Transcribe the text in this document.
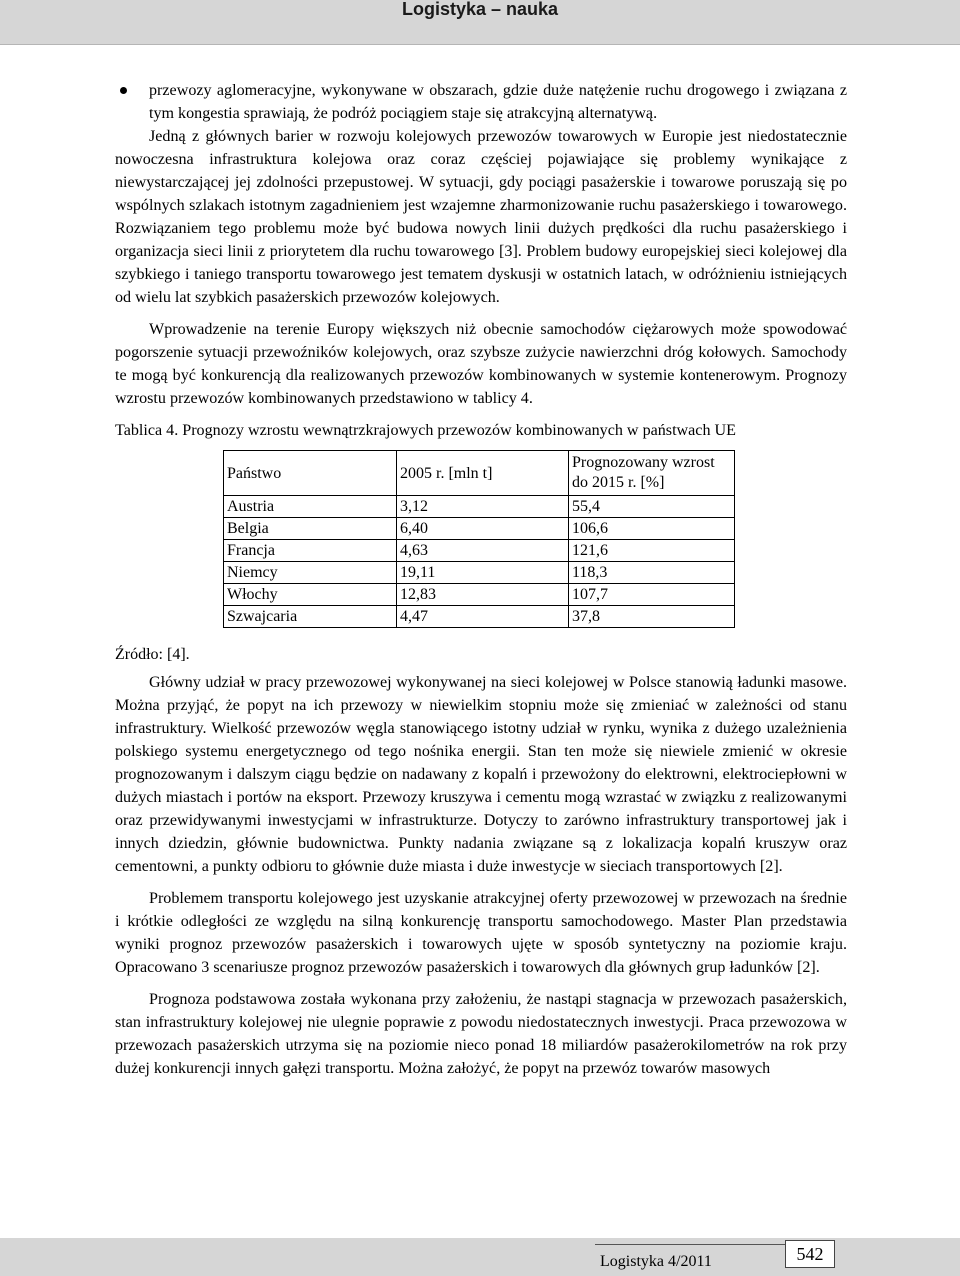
Logistyka – nauka

przewozy aglomeracyjne, wykonywane w obszarach, gdzie duże natężenie ruchu drogowego i związana z tym kongestia sprawiają, że podróż pociągiem staje się atrakcyjną alternatywą.

Jedną z głównych barier w rozwoju kolejowych przewozów towarowych w Europie jest niedostatecznie nowoczesna infrastruktura kolejowa oraz coraz częściej pojawiające się problemy wynikające z niewystarczającej jej zdolności przepustowej. W sytuacji, gdy pociągi pasażerskie i towarowe poruszają się po wspólnych szlakach istotnym zagadnieniem jest wzajemne zharmonizowanie ruchu pasażerskiego i towarowego. Rozwiązaniem tego problemu może być budowa nowych linii dużych prędkości dla ruchu pasażerskiego i organizacja sieci linii z priorytetem dla ruchu towarowego [3]. Problem budowy europejskiej sieci kolejowej dla szybkiego i taniego transportu towarowego jest tematem dyskusji w ostatnich latach, w odróżnieniu istniejących od wielu lat szybkich pasażerskich przewozów kolejowych.

Wprowadzenie na terenie Europy większych niż obecnie samochodów ciężarowych może spowodować pogorszenie sytuacji przewoźników kolejowych, oraz szybsze zużycie nawierzchni dróg kołowych. Samochody te mogą być konkurencją dla realizowanych przewozów kombinowanych w systemie kontenerowym. Prognozy wzrostu przewozów kombinowanych przedstawiono w tablicy 4.

Tablica 4. Prognozy wzrostu wewnątrzkrajowych przewozów kombinowanych w państwach UE

Państwo	2005 r. [mln t]	Prognozowany wzrost do 2015 r. [%]
Austria	3,12	55,4
Belgia	6,40	106,6
Francja	4,63	121,6
Niemcy	19,11	118,3
Włochy	12,83	107,7
Szwajcaria	4,47	37,8
Źródło: [4].

Główny udział w pracy przewozowej wykonywanej na sieci kolejowej w Polsce stanowią ładunki masowe. Można przyjąć, że popyt na ich przewozy w niewielkim stopniu może się zmieniać w zależności od stanu infrastruktury. Wielkość przewozów węgla stanowiącego istotny udział w rynku, wynika z dużego uzależnienia polskiego systemu energetycznego od tego nośnika energii. Stan ten może się niewiele zmienić w okresie prognozowanym i dalszym ciągu będzie on nadawany z kopalń i przewożony do elektrowni, elektrociepłowni w dużych miastach i portów na eksport. Przewozy kruszywa i cementu mogą wzrastać w związku z realizowanymi oraz przewidywanymi inwestycjami w infrastrukturze. Dotyczy to zarówno infrastruktury transportowej jak i innych dziedzin, głównie budownictwa. Punkty nadania związane są z lokalizacja kopalń kruszyw oraz cementowni, a punkty odbioru to głównie duże miasta i duże inwestycje w sieciach transportowych [2].

Problemem transportu kolejowego jest uzyskanie atrakcyjnej oferty przewozowej w przewozach na średnie i krótkie odległości ze względu na silną konkurencję transportu samochodowego. Master Plan przedstawia wyniki prognoz przewozów pasażerskich i towarowych ujęte w sposób syntetyczny na poziomie kraju. Opracowano 3 scenariusze prognoz przewozów pasażerskich i towarowych dla głównych grup ładunków [2].

Prognoza podstawowa została wykonana przy założeniu, że nastąpi stagnacja w przewozach pasażerskich, stan infrastruktury kolejowej nie ulegnie poprawie z powodu niedostatecznych inwestycji. Praca przewozowa w przewozach pasażerskich utrzyma się na poziomie nieco ponad 18 miliardów pasażerokilometrów na rok przy dużej konkurencji innych gałęzi transportu. Można założyć, że popyt na przewóz towarów masowych

Logistyka 4/2011	542
